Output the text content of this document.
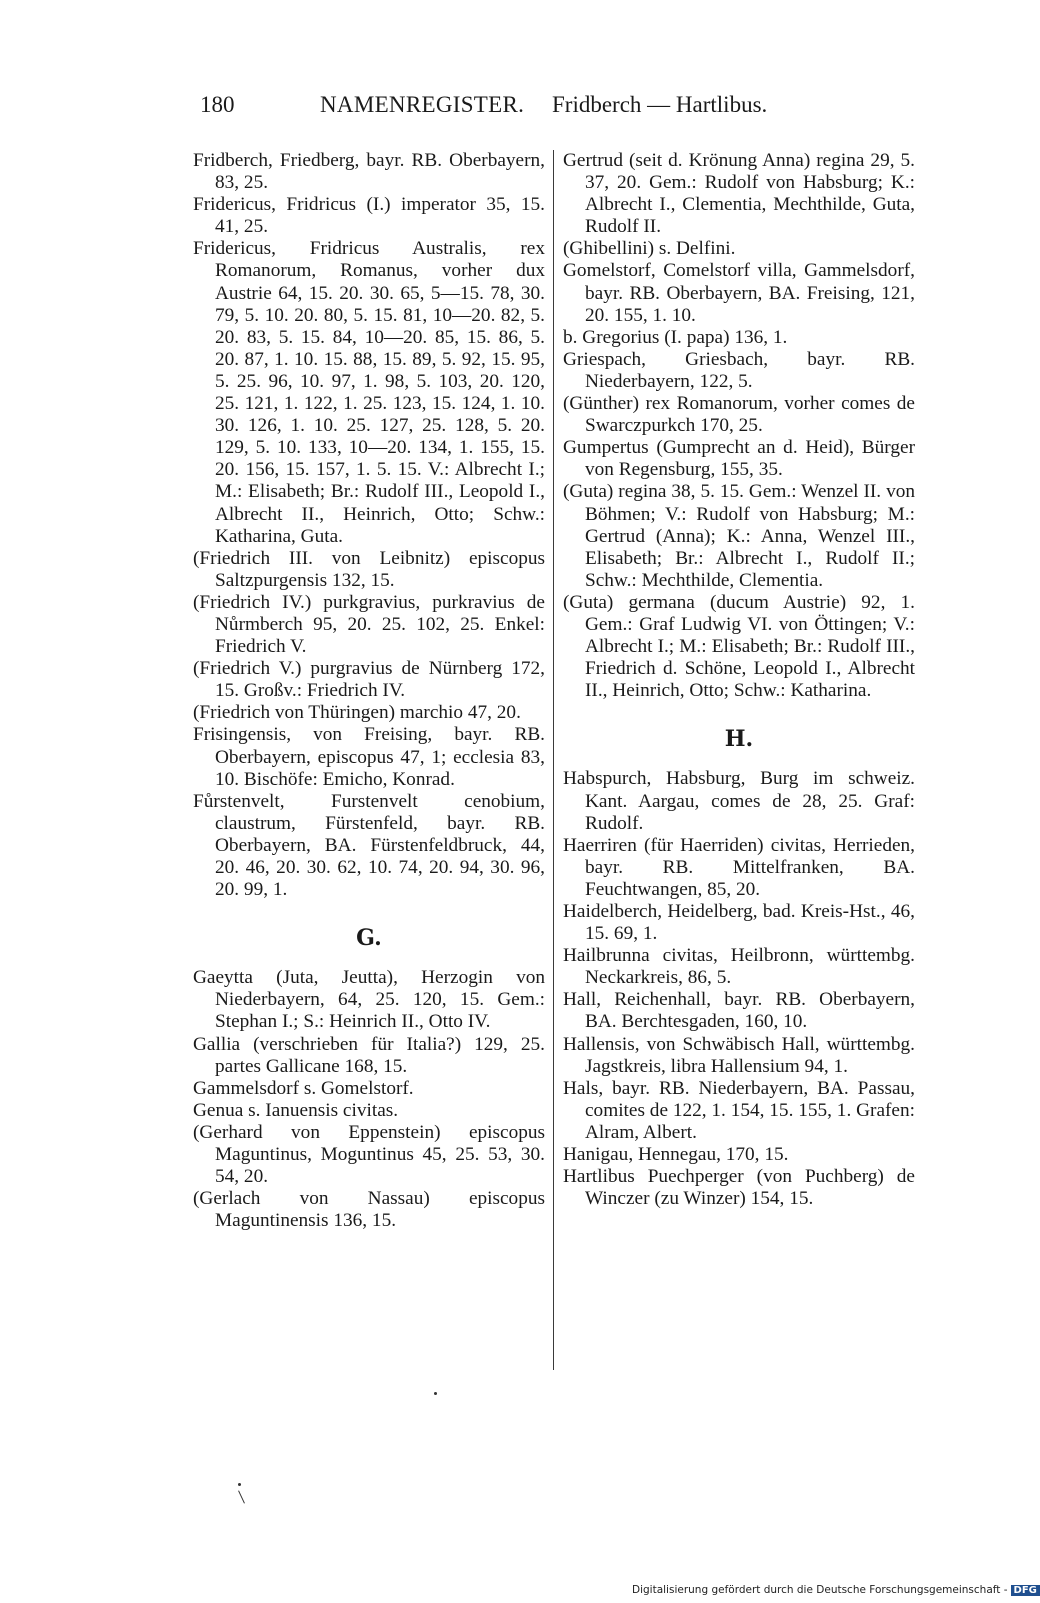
180	NAMENREGISTER. Fridberch — Hartlibus.

Fridberch, Friedberg, bayr. RB. Oberbayern, 83, 25.

Fridericus, Fridricus (I.) imperator 35, 15. 41, 25.

Fridericus, Fridricus Australis, rex Romanorum, Romanus, vorher dux Austrie 64, 15. 20. 30. 65, 5—15. 78, 30. 79, 5. 10. 20. 80, 5. 15. 81, 10—20. 82, 5. 20. 83, 5. 15. 84, 10—20. 85, 15. 86, 5. 20. 87, 1. 10. 15. 88, 15. 89, 5. 92, 15. 95, 5. 25. 96, 10. 97, 1. 98, 5. 103, 20. 120, 25. 121, 1. 122, 1. 25. 123, 15. 124, 1. 10. 30. 126, 1. 10. 25. 127, 25. 128, 5. 20. 129, 5. 10. 133, 10—20. 134, 1. 155, 15. 20. 156, 15. 157, 1. 5. 15. V.: Albrecht I.; M.: Elisabeth; Br.: Rudolf III., Leopold I., Albrecht II., Heinrich, Otto; Schw.: Katharina, Guta.

(Friedrich III. von Leibnitz) episcopus Saltzpurgensis 132, 15.

(Friedrich IV.) purkgravius, purkravius de Nůrmberch 95, 20. 25. 102, 25. Enkel: Friedrich V.

(Friedrich V.) purgravius de Nürnberg 172, 15. Großv.: Friedrich IV.

(Friedrich von Thüringen) marchio 47, 20.

Frisingensis, von Freising, bayr. RB. Oberbayern, episcopus 47, 1; ecclesia 83, 10. Bischöfe: Emicho, Konrad.

Fůrstenvelt, Furstenvelt cenobium, claustrum, Fürstenfeld, bayr. RB. Oberbayern, BA. Fürstenfeldbruck, 44, 20. 46, 20. 30. 62, 10. 74, 20. 94, 30. 96, 20. 99, 1.

G.

Gaeytta (Juta, Jeutta), Herzogin von Niederbayern, 64, 25. 120, 15. Gem.: Stephan I.; S.: Heinrich II., Otto IV.

Gallia (verschrieben für Italia?) 129, 25. partes Gallicane 168, 15.

Gammelsdorf s. Gomelstorf.

Genua s. Ianuensis civitas.

(Gerhard von Eppenstein) episcopus Maguntinus, Moguntinus 45, 25. 53, 30. 54, 20.

(Gerlach von Nassau) episcopus Maguntinensis 136, 15.

Gertrud (seit d. Krönung Anna) regina 29, 5. 37, 20. Gem.: Rudolf von Habsburg; K.: Albrecht I., Clementia, Mechthilde, Guta, Rudolf II.

(Ghibellini) s. Delfini.

Gomelstorf, Comelstorf villa, Gammelsdorf, bayr. RB. Oberbayern, BA. Freising, 121, 20. 155, 1. 10.

b. Gregorius (I. papa) 136, 1.

Griespach, Griesbach, bayr. RB. Niederbayern, 122, 5.

(Günther) rex Romanorum, vorher comes de Swarczpurkch 170, 25.

Gumpertus (Gumprecht an d. Heid), Bürger von Regensburg, 155, 35.

(Guta) regina 38, 5. 15. Gem.: Wenzel II. von Böhmen; V.: Rudolf von Habsburg; M.: Gertrud (Anna); K.: Anna, Wenzel III., Elisabeth; Br.: Albrecht I., Rudolf II.; Schw.: Mechthilde, Clementia.

(Guta) germana (ducum Austrie) 92, 1. Gem.: Graf Ludwig VI. von Öttingen; V.: Albrecht I.; M.: Elisabeth; Br.: Rudolf III., Friedrich d. Schöne, Leopold I., Albrecht II., Heinrich, Otto; Schw.: Katharina.

H.

Habspurch, Habsburg, Burg im schweiz. Kant. Aargau, comes de 28, 25. Graf: Rudolf.

Haerriren (für Haerriden) civitas, Herrieden, bayr. RB. Mittelfranken, BA. Feuchtwangen, 85, 20.

Haidelberch, Heidelberg, bad. Kreis-Hst., 46, 15. 69, 1.

Hailbrunna civitas, Heilbronn, württembg. Neckarkreis, 86, 5.

Hall, Reichenhall, bayr. RB. Oberbayern, BA. Berchtesgaden, 160, 10.

Hallensis, von Schwäbisch Hall, württembg. Jagstkreis, libra Hallensium 94, 1.

Hals, bayr. RB. Niederbayern, BA. Passau, comites de 122, 1. 154, 15. 155, 1. Grafen: Alram, Albert.

Hanigau, Hennegau, 170, 15.

Hartlibus Puechperger (von Puchberg) de Winczer (zu Winzer) 154, 15.

Digitalisierung gefördert durch die Deutsche Forschungsgemeinschaft - DFG
